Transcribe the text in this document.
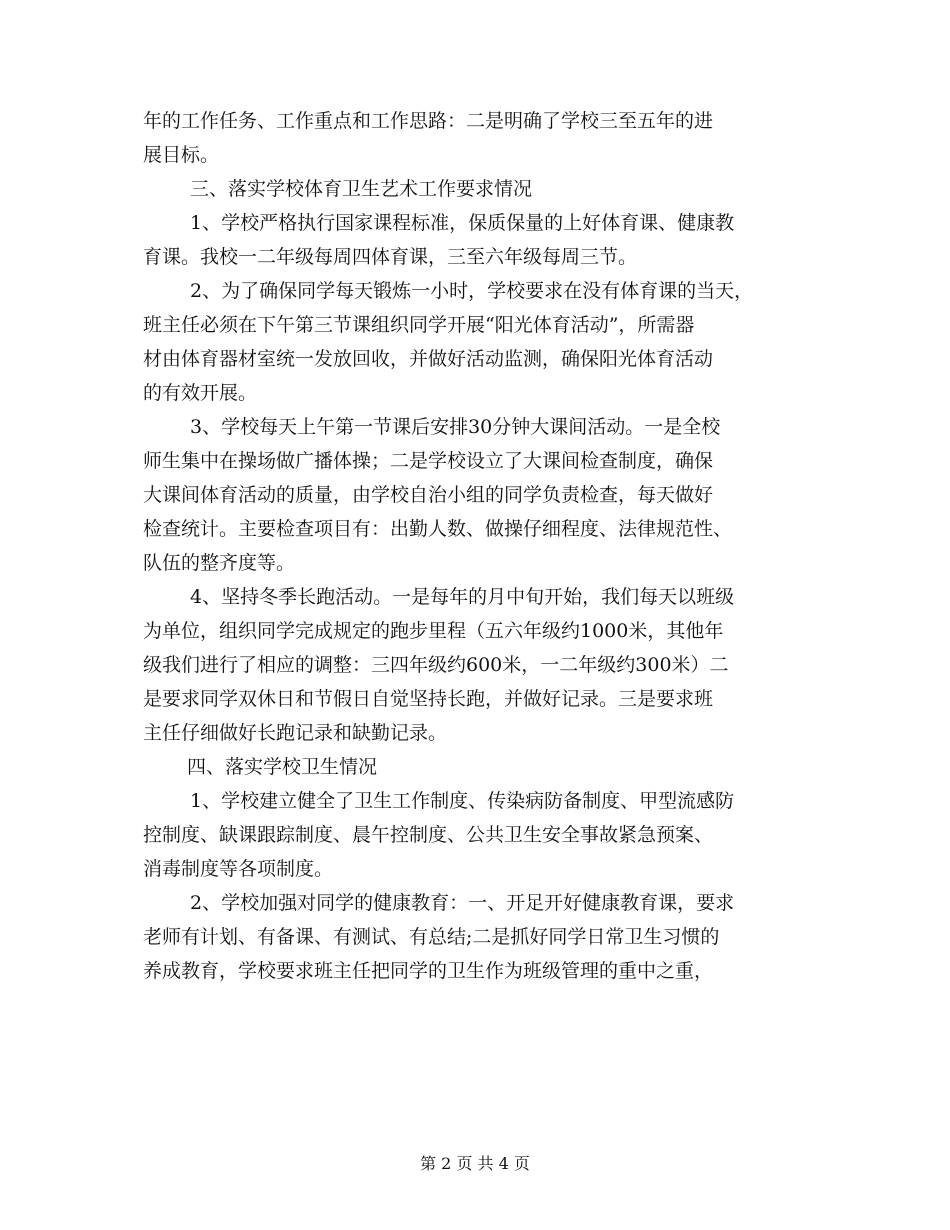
年的工作任务、工作重点和工作思路：二是明确了学校三至五年的进
展目标。
三、落实学校体育卫生艺术工作要求情况
1、学校严格执行国家课程标准，保质保量的上好体育课、健康教
育课。我校一二年级每周四体育课，三至六年级每周三节。
2、为了确保同学每天锻炼一小时，学校要求在没有体育课的当天，
班主任必须在下午第三节课组织同学开展“阳光体育活动”，所需器
材由体育器材室统一发放回收，并做好活动监测，确保阳光体育活动
的有效开展。
3、学校每天上午第一节课后安排30分钟大课间活动。一是全校
师生集中在操场做广播体操；二是学校设立了大课间检查制度，确保
大课间体育活动的质量，由学校自治小组的同学负责检查，每天做好
检查统计。主要检查项目有：出勤人数、做操仔细程度、法律规范性、
队伍的整齐度等。
4、坚持冬季长跑活动。一是每年的月中旬开始，我们每天以班级
为单位，组织同学完成规定的跑步里程（五六年级约1000米，其他年
级我们进行了相应的调整：三四年级约600米，一二年级约300米）二
是要求同学双休日和节假日自觉坚持长跑，并做好记录。三是要求班
主任仔细做好长跑记录和缺勤记录。
四、落实学校卫生情况
1、学校建立健全了卫生工作制度、传染病防备制度、甲型流感防
控制度、缺课跟踪制度、晨午控制度、公共卫生安全事故紧急预案、
消毒制度等各项制度。
2、学校加强对同学的健康教育：一、开足开好健康教育课，要求
老师有计划、有备课、有测试、有总结;二是抓好同学日常卫生习惯的
养成教育，学校要求班主任把同学的卫生作为班级管理的重中之重，
第 2 页 共 4 页
